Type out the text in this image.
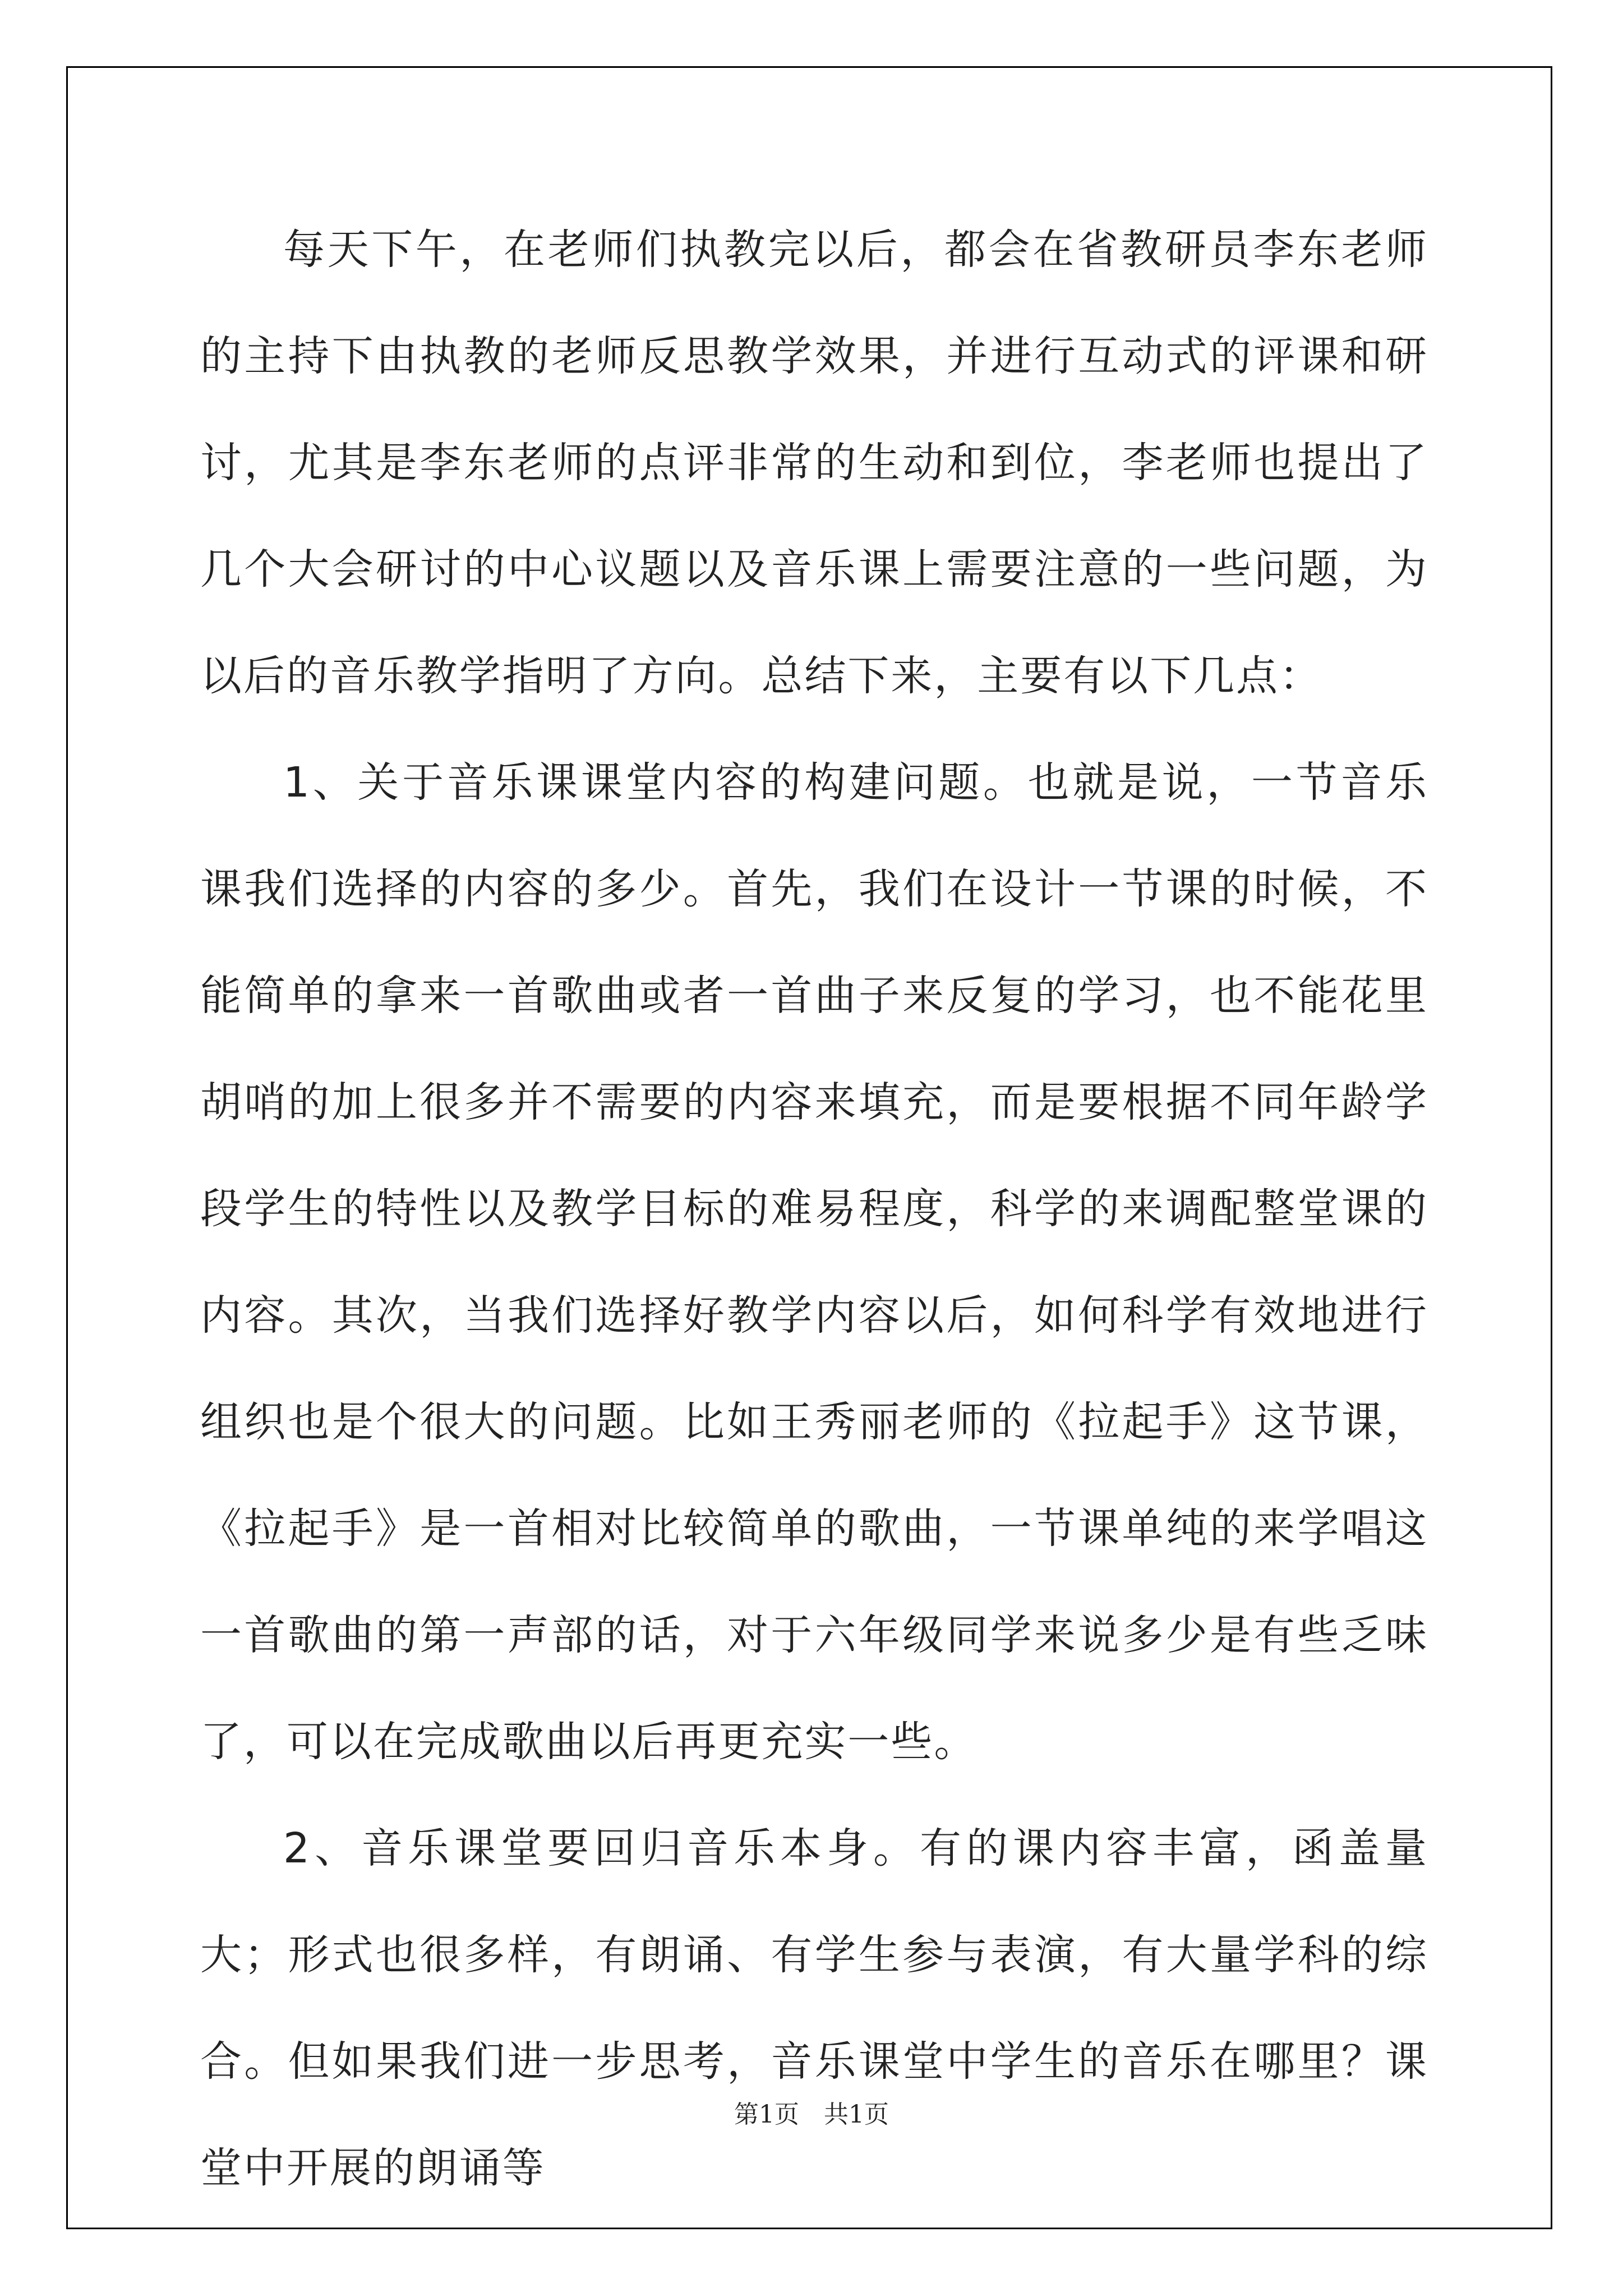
每天下午，在老师们执教完以后，都会在省教研员李东老师的主持下由执教的老师反思教学效果，并进行互动式的评课和研讨，尤其是李东老师的点评非常的生动和到位，李老师也提出了几个大会研讨的中心议题以及音乐课上需要注意的一些问题，为以后的音乐教学指明了方向。总结下来，主要有以下几点：

1、关于音乐课课堂内容的构建问题。也就是说，一节音乐课我们选择的内容的多少。首先，我们在设计一节课的时候，不能简单的拿来一首歌曲或者一首曲子来反复的学习，也不能花里胡哨的加上很多并不需要的内容来填充，而是要根据不同年龄学段学生的特性以及教学目标的难易程度，科学的来调配整堂课的内容。其次，当我们选择好教学内容以后，如何科学有效地进行组织也是个很大的问题。比如王秀丽老师的《拉起手》这节课，《拉起手》是一首相对比较简单的歌曲，一节课单纯的来学唱这一首歌曲的第一声部的话，对于六年级同学来说多少是有些乏味了，可以在完成歌曲以后再更充实一些。

2、音乐课堂要回归音乐本身。有的课内容丰富，函盖量大；形式也很多样，有朗诵、有学生参与表演，有大量学科的综合。但如果我们进一步思考，音乐课堂中学生的音乐在哪里？课堂中开展的朗诵等

第1页　共1页
